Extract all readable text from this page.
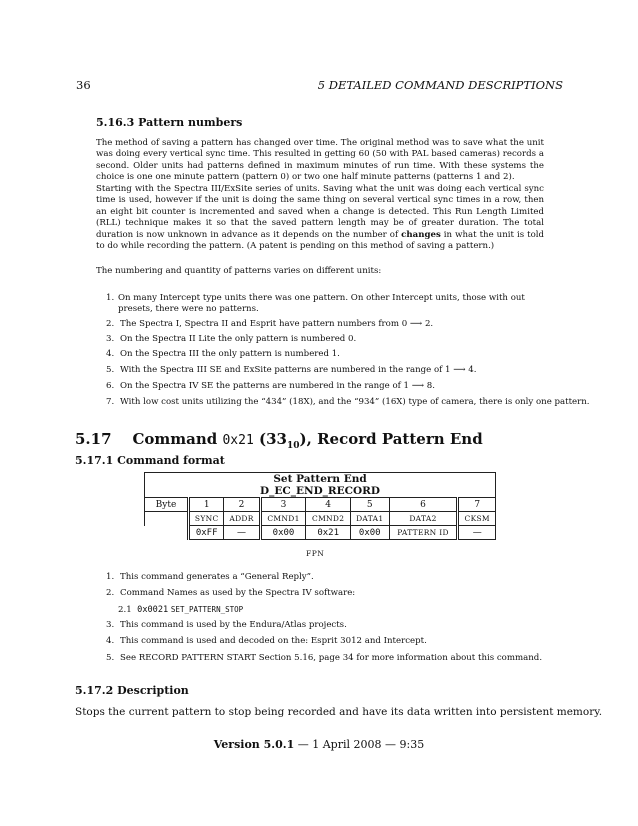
36	5 DETAILED COMMAND DESCRIPTIONS
5.16.3 Pattern numbers
The method of saving a pattern has changed over time. The original method was to save what the unit was doing every vertical sync time. This resulted in getting 60 (50 with PAL based cameras) records a second. Older units had patterns defined in maximum minutes of run time. With these systems the choice is one one minute pattern (pattern 0) or two one half minute patterns (patterns 1 and 2).
Starting with the Spectra III/ExSite series of units. Saving what the unit was doing each vertical sync time is used, however if the unit is doing the same thing on several vertical sync times in a row, then an eight bit counter is incremented and saved when a change is detected. This Run Length Limited (RLL) technique makes it so that the saved pattern length may be of greater duration. The total duration is now unknown in advance as it depends on the number of changes in what the unit is told to do while recording the pattern. (A patent is pending on this method of saving a pattern.)
The numbering and quantity of patterns varies on different units:
1. On many Intercept type units there was one pattern. On other Intercept units, those with out presets, there were no patterns.
2. The Spectra I, Spectra II and Esprit have pattern numbers from 0 ⟶ 2.
3. On the Spectra II Lite the only pattern is numbered 0.
4. On the Spectra III the only pattern is numbered 1.
5. With the Spectra III SE and ExSite patterns are numbered in the range of 1 ⟶ 4.
6. On the Spectra IV SE the patterns are numbered in the range of 1 ⟶ 8.
7. With low cost units utilizing the “434” (18X), and the “934” (16X) type of camera, there is only one pattern.
5.17 Command 0x21 $(33_{10})$, Record Pattern End
5.17.1 Command format
Set Pattern End							
D_EC_END_RECORD							
Byte	1	2	3	4	5	6	7
	SYNC	ADDR	CMND1	CMND2	DATA1	DATA2	CKSM
	0xFF	—	0x00	0x21	0x00	PATTERN ID	—
FPN
1. This command generates a “General Reply”.
2. Command Names as used by the Spectra IV software:
2.1 0x0021 SET_PATTERN_STOP
3. This command is used by the Endura/Atlas projects.
4. This command is used and decoded on the: Esprit 3012 and Intercept.
5. See RECORD PATTERN START Section 5.16, page 34 for more information about this command.
5.17.2 Description
Stops the current pattern to stop being recorded and have its data written into persistent memory.
Version 5.0.1 — 1 April 2008 — 9:35
